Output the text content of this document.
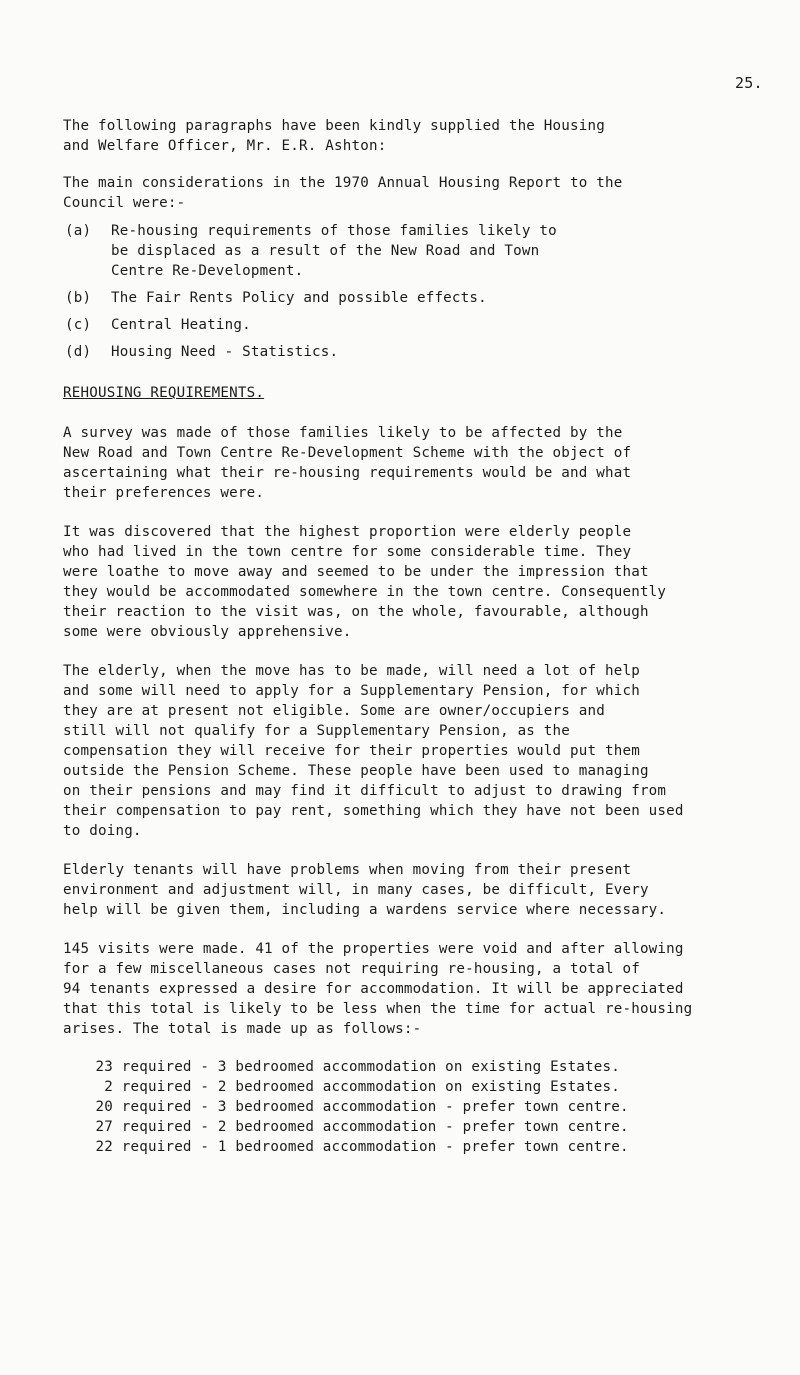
25.

The following paragraphs have been kindly supplied the Housing
and Welfare Officer, Mr. E.R. Ashton:

The main considerations in the 1970 Annual Housing Report to the
Council were:-

(a)	Re-housing requirements of those families likely to
be displaced as a result of the New Road and Town
Centre Re-Development.
(b)	The Fair Rents Policy and possible effects.
(c)	Central Heating.
(d)	Housing Need - Statistics.

REHOUSING REQUIREMENTS.

A survey was made of those families likely to be affected by the
New Road and Town Centre Re-Development Scheme with the object of
ascertaining what their re-housing requirements would be and what
their preferences were.

It was discovered that the highest proportion were elderly people
who had lived in the town centre for some considerable time. They
were loathe to move away and seemed to be under the impression that
they would be accommodated somewhere in the town centre. Consequently
their reaction to the visit was, on the whole, favourable, although
some were obviously apprehensive.

The elderly, when the move has to be made, will need a lot of help
and some will need to apply for a Supplementary Pension, for which
they are at present not eligible. Some are owner/occupiers and
still will not qualify for a Supplementary Pension, as the
compensation they will receive for their properties would put them
outside the Pension Scheme. These people have been used to managing
on their pensions and may find it difficult to adjust to drawing from
their compensation to pay rent, something which they have not been used
to doing.

Elderly tenants will have problems when moving from their present
environment and adjustment will, in many cases, be difficult, Every
help will be given them, including a wardens service where necessary.

145 visits were made. 41 of the properties were void and after allowing
for a few miscellaneous cases not requiring re-housing, a total of
94 tenants expressed a desire for accommodation. It will be appreciated
that this total is likely to be less when the time for actual re-housing
arises. The total is made up as follows:-

23 required - 3 bedroomed accommodation on existing Estates.
2 required - 2 bedroomed accommodation on existing Estates.
20 required - 3 bedroomed accommodation - prefer town centre.
27 required - 2 bedroomed accommodation - prefer town centre.
22 required - 1 bedroomed accommodation - prefer town centre.
